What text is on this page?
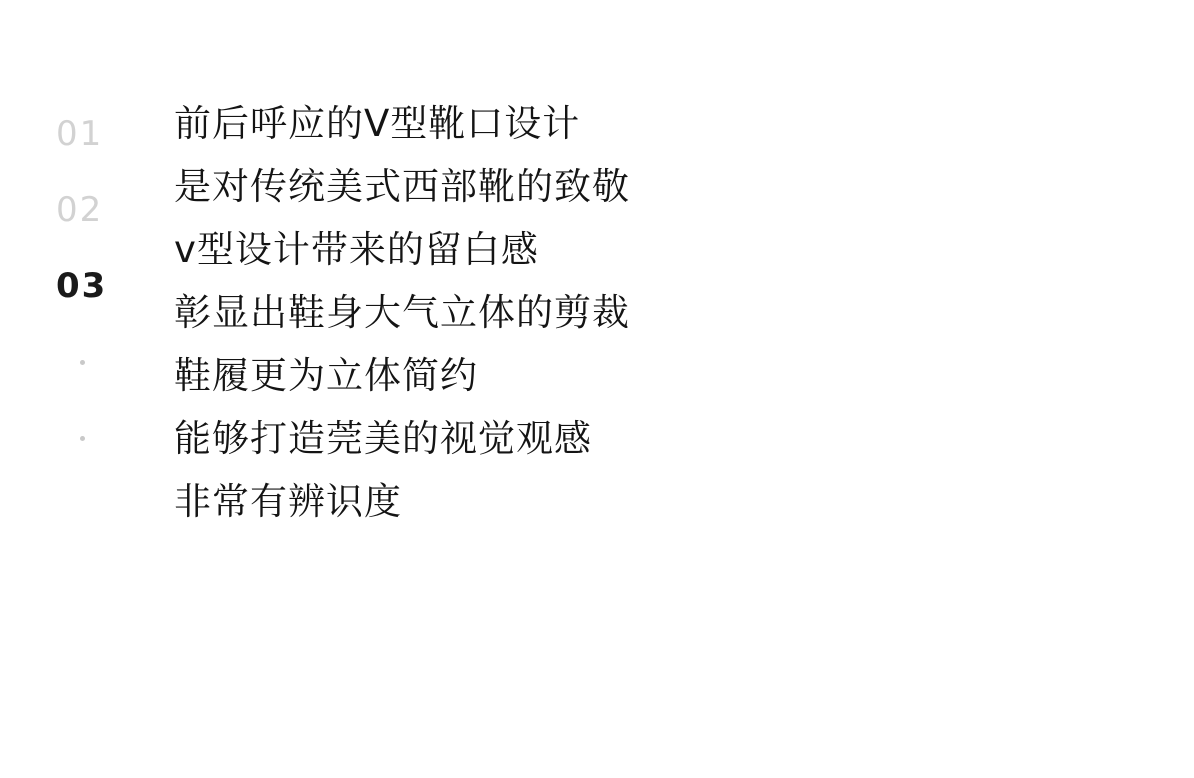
01
02
03
前后呼应的V型靴口设计
是对传统美式西部靴的致敬
v型设计带来的留白感
彰显出鞋身大气立体的剪裁
鞋履更为立体简约
能够打造莞美的视觉观感
非常有辨识度
